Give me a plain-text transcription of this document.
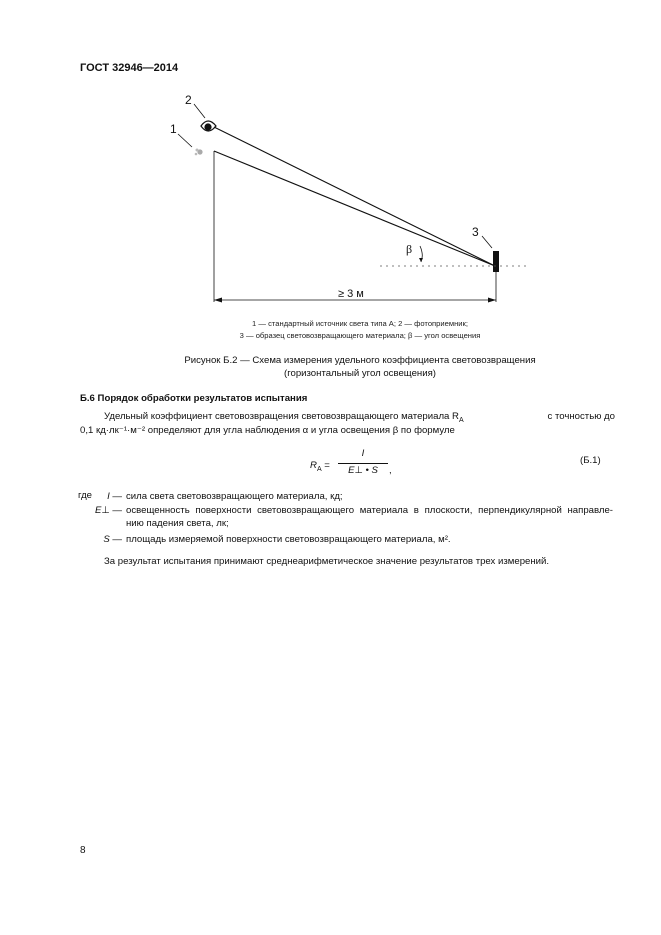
ГОСТ 32946—2014
2
1
3
β
≥ 3 м
1 — стандартный источник света типа А; 2 — фотоприемник;
3 — образец световозвращающего материала; β — угол освещения
Рисунок Б.2 — Схема измерения удельного коэффициента световозвращения
(горизонтальный угол освещения)
Б.6 Порядок обработки результатов испытания
Удельный коэффициент световозвращения световозвращающего материала $R_A$	с точностью до
0,1 кд·лк⁻¹·м⁻² определяют для угла наблюдения α и угла освещения β по формуле
$R_A$ =
I
E⊥ • S	,
(Б.1)
где	I — сила света световозвращающего материала, кд;
E⊥ — освещенность поверхности световозвращающего материала в плоскости, перпендикулярной направле-
нию падения света, лк;
S — площадь измеряемой поверхности световозвращающего материала, м².
За результат испытания принимают среднеарифметическое значение результатов трех измерений.
8
